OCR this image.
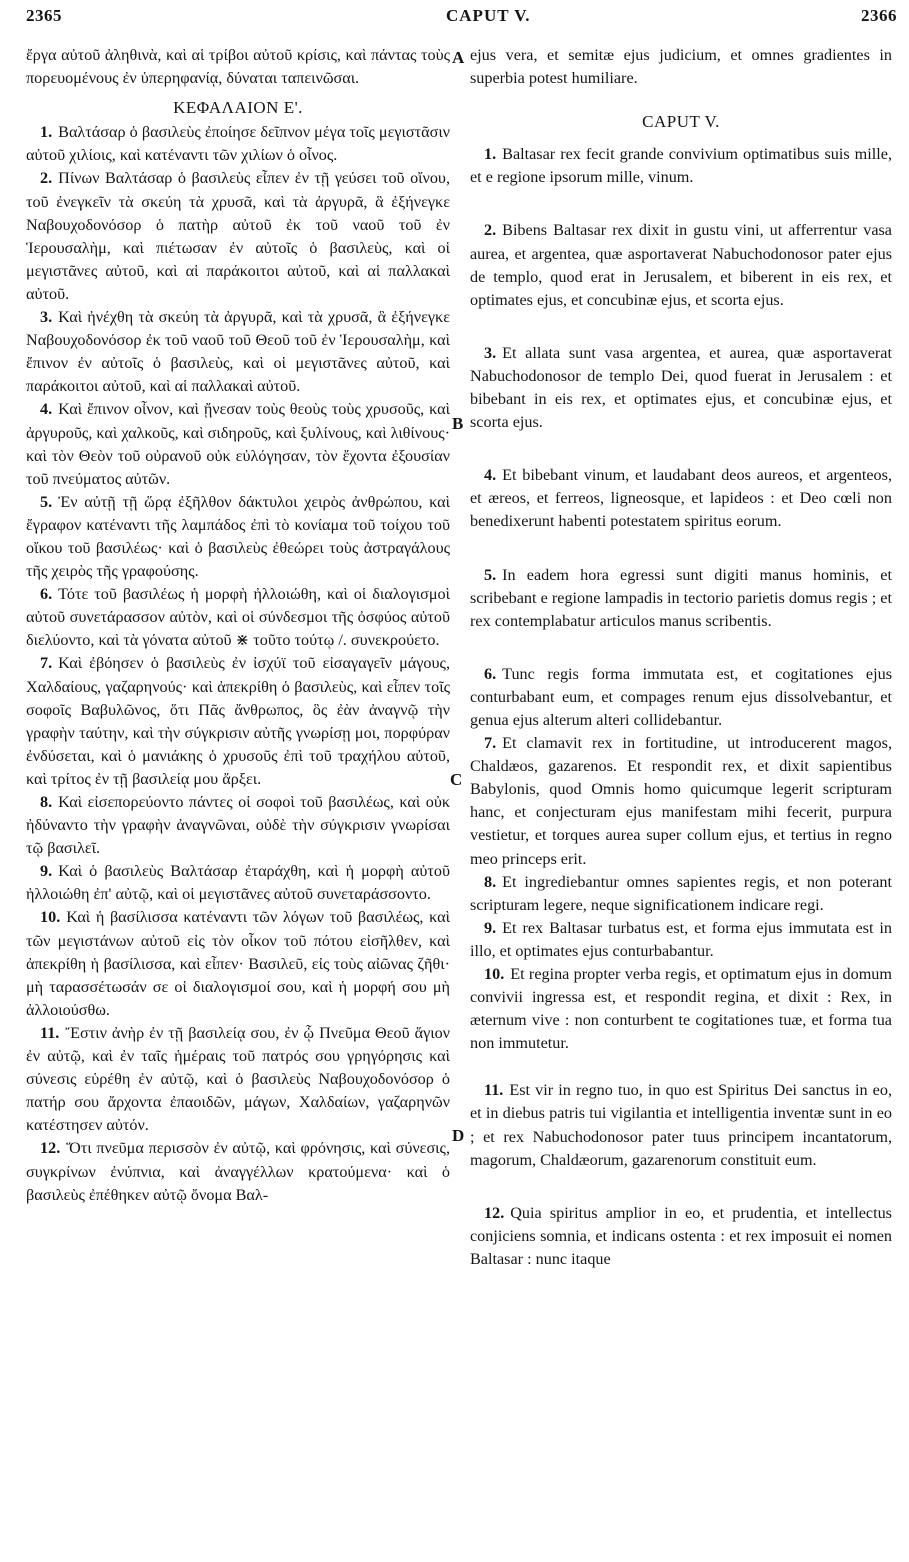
2365	CAPUT V.	2366
A
B
C
D

ἔργα αὐτοῦ ἀληθινὰ, καὶ αἱ τρίβοι αὐτοῦ κρίσις, καὶ πάντας τοὺς πορευομένους ἐν ὑπερηφανίᾳ, δύναται ταπεινῶσαι.

ΚΕΦΑΛΑΙΟΝ Ε'.

1. Βαλτάσαρ ὁ βασιλεὺς ἐποίησε δεῖπνον μέγα τοῖς μεγιστᾶσιν αὐτοῦ χιλίοις, καὶ κατέναντι τῶν χιλίων ὁ οἶνος.

2. Πίνων Βαλτάσαρ ὁ βασιλεὺς εἶπεν ἐν τῇ γεύσει τοῦ οἴνου, τοῦ ἐνεγκεῖν τὰ σκεύη τὰ χρυσᾶ, καὶ τὰ ἀργυρᾶ, ἃ ἐξήνεγκε Ναβουχοδονόσορ ὁ πατὴρ αὐτοῦ ἐκ τοῦ ναοῦ τοῦ ἐν Ἱερουσαλὴμ, καὶ πιέτωσαν ἐν αὐτοῖς ὁ βασιλεὺς, καὶ οἱ μεγιστᾶνες αὐτοῦ, καὶ αἱ παράκοιτοι αὐτοῦ, καὶ αἱ παλλακαὶ αὐτοῦ.

3. Καὶ ἠνέχθη τὰ σκεύη τὰ ἀργυρᾶ, καὶ τὰ χρυσᾶ, ἃ ἐξήνεγκε Ναβουχοδονόσορ ἐκ τοῦ ναοῦ τοῦ Θεοῦ τοῦ ἐν Ἱερουσαλὴμ, καὶ ἔπινον ἐν αὐτοῖς ὁ βασιλεὺς, καὶ οἱ μεγιστᾶνες αὐτοῦ, καὶ παράκοιτοι αὐτοῦ, καὶ αἱ παλλακαὶ αὐτοῦ.

4. Καὶ ἔπινον οἶνον, καὶ ᾔνεσαν τοὺς θεοὺς τοὺς χρυσοῦς, καὶ ἀργυροῦς, καὶ χαλκοῦς, καὶ σιδηροῦς, καὶ ξυλίνους, καὶ λιθίνους· καὶ τὸν Θεὸν τοῦ οὐρανοῦ οὐκ εὐλόγησαν, τὸν ἔχοντα ἐξουσίαν τοῦ πνεύματος αὐτῶν.

5. Ἐν αὐτῇ τῇ ὥρᾳ ἐξῆλθον δάκτυλοι χειρὸς ἀνθρώπου, καὶ ἔγραφον κατέναντι τῆς λαμπάδος ἐπὶ τὸ κονίαμα τοῦ τοίχου τοῦ οἴκου τοῦ βασιλέως· καὶ ὁ βασιλεὺς ἐθεώρει τοὺς ἀστραγάλους τῆς χειρὸς τῆς γραφούσης.

6. Τότε τοῦ βασιλέως ἡ μορφὴ ἠλλοιώθη, καὶ οἱ διαλογισμοὶ αὐτοῦ συνετάρασσον αὐτὸν, καὶ οἱ σύνδεσμοι τῆς ὀσφύος αὐτοῦ διελύοντο, καὶ τὰ γόνατα αὐτοῦ ⋇ τοῦτο τούτῳ /. συνεκρούετο.

7. Καὶ ἐβόησεν ὁ βασιλεὺς ἐν ἰσχύϊ τοῦ εἰσαγαγεῖν μάγους, Χαλδαίους, γαζαρηνούς· καὶ ἀπεκρίθη ὁ βασιλεὺς, καὶ εἶπεν τοῖς σοφοῖς Βαβυλῶνος, ὅτι Πᾶς ἄνθρωπος, ὃς ἐὰν ἀναγνῷ τὴν γραφὴν ταύτην, καὶ τὴν σύγκρισιν αὐτῆς γνωρίσῃ μοι, πορφύραν ἐνδύσεται, καὶ ὁ μανιάκης ὁ χρυσοῦς ἐπὶ τοῦ τραχήλου αὐτοῦ, καὶ τρίτος ἐν τῇ βασιλείᾳ μου ἄρξει.

8. Καὶ εἰσεπορεύοντο πάντες οἱ σοφοὶ τοῦ βασιλέως, καὶ οὐκ ἠδύναντο τὴν γραφὴν ἀναγνῶναι, οὐδὲ τὴν σύγκρισιν γνωρίσαι τῷ βασιλεῖ.

9. Καὶ ὁ βασιλεὺς Βαλτάσαρ ἐταράχθη, καὶ ἡ μορφὴ αὐτοῦ ἠλλοιώθη ἐπ' αὐτῷ, καὶ οἱ μεγιστᾶνες αὐτοῦ συνεταράσσοντο.

10. Καὶ ἡ βασίλισσα κατέναντι τῶν λόγων τοῦ βασιλέως, καὶ τῶν μεγιστάνων αὐτοῦ εἰς τὸν οἶκον τοῦ πότου εἰσῆλθεν, καὶ ἀπεκρίθη ἡ βασίλισσα, καὶ εἶπεν· Βασιλεῦ, εἰς τοὺς αἰῶνας ζῆθι· μὴ ταρασσέτωσάν σε οἱ διαλογισμοί σου, καὶ ἡ μορφή σου μὴ ἀλλοιούσθω.

11. Ἔστιν ἀνὴρ ἐν τῇ βασιλείᾳ σου, ἐν ᾧ Πνεῦμα Θεοῦ ἅγιον ἐν αὐτῷ, καὶ ἐν ταῖς ἡμέραις τοῦ πατρός σου γρηγόρησις καὶ σύνεσις εὑρέθη ἐν αὐτῷ, καὶ ὁ βασιλεὺς Ναβουχοδονόσορ ὁ πατήρ σου ἄρχοντα ἐπαοιδῶν, μάγων, Χαλδαίων, γαζαρηνῶν κατέστησεν αὐτόν.

12. Ὅτι πνεῦμα περισσὸν ἐν αὐτῷ, καὶ φρόνησις, καὶ σύνεσις, συγκρίνων ἐνύπνια, καὶ ἀναγγέλλων κρατούμενα· καὶ ὁ βασιλεὺς ἐπέθηκεν αὐτῷ ὄνομα Βαλ-

ejus vera, et semitæ ejus judicium, et omnes gradientes in superbia potest humiliare.

CAPUT V.

1. Baltasar rex fecit grande convivium optimatibus suis mille, et e regione ipsorum mille, vinum.

2. Bibens Baltasar rex dixit in gustu vini, ut afferrentur vasa aurea, et argentea, quæ asportaverat Nabuchodonosor pater ejus de templo, quod erat in Jerusalem, et biberent in eis rex, et optimates ejus, et concubinæ ejus, et scorta ejus.

3. Et allata sunt vasa argentea, et aurea, quæ asportaverat Nabuchodonosor de templo Dei, quod fuerat in Jerusalem : et bibebant in eis rex, et optimates ejus, et concubinæ ejus, et scorta ejus.

4. Et bibebant vinum, et laudabant deos aureos, et argenteos, et æreos, et ferreos, ligneosque, et lapideos : et Deo cœli non benedixerunt habenti potestatem spiritus eorum.

5. In eadem hora egressi sunt digiti manus hominis, et scribebant e regione lampadis in tectorio parietis domus regis ; et rex contemplabatur articulos manus scribentis.

6. Tunc regis forma immutata est, et cogitationes ejus conturbabant eum, et compages renum ejus dissolvebantur, et genua ejus alterum alteri collidebantur.

7. Et clamavit rex in fortitudine, ut introducerent magos, Chaldæos, gazarenos. Et respondit rex, et dixit sapientibus Babylonis, quod Omnis homo quicumque legerit scripturam hanc, et conjecturam ejus manifestam mihi fecerit, purpura vestietur, et torques aurea super collum ejus, et tertius in regno meo princeps erit.

8. Et ingrediebantur omnes sapientes regis, et non poterant scripturam legere, neque significationem indicare regi.

9. Et rex Baltasar turbatus est, et forma ejus immutata est in illo, et optimates ejus conturbabantur.

10. Et regina propter verba regis, et optimatum ejus in domum convivii ingressa est, et respondit regina, et dixit : Rex, in æternum vive : non conturbent te cogitationes tuæ, et forma tua non immutetur.

11. Est vir in regno tuo, in quo est Spiritus Dei sanctus in eo, et in diebus patris tui vigilantia et intelligentia inventæ sunt in eo ; et rex Nabuchodonosor pater tuus principem incantatorum, magorum, Chaldæorum, gazarenorum constituit eum.

12. Quia spiritus amplior in eo, et prudentia, et intellectus conjiciens somnia, et indicans ostenta : et rex imposuit ei nomen Baltasar : nunc itaque
